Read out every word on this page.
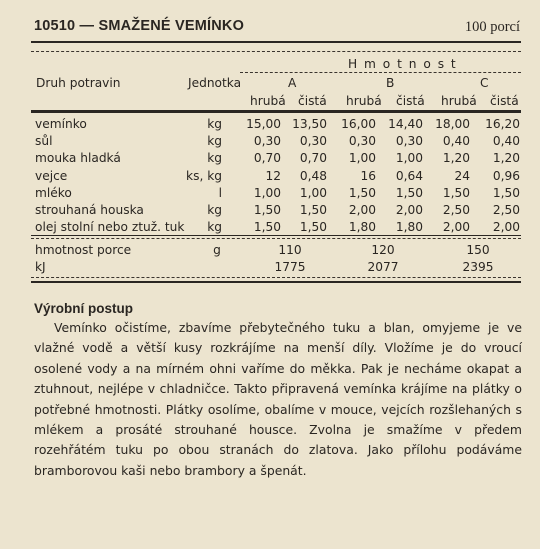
10510 — SMAŽENÉ VEMÍNKO	100 porcí
H m o t n o s t
Druh potravin	Jednotka	A	B	C
hrubá čistá hrubá čistá hrubá čistá
vemínko	kg 15,00 13,50 16,00 14,40 18,00 16,20
sůl	kg	0,30 0,30 0,30 0,30 0,40 0,40
mouka hladká	kg	0,70 0,70 1,00 1,00 1,20 1,20
vejce	ks, kg	12 0,48	16 0,64	24 0,96
mléko	l	1,00 1,00 1,50 1,50 1,50 1,50
strouhaná houska	kg	1,50 1,50 2,00 2,00 2,50 2,50
olej stolní nebo ztuž. tuk kg	1,50 1,50 1,80 1,80 2,00 2,00
hmotnost porce	g	110	120	150
kJ	1775	2077	2395
Výrobní postup

Vemínko očistíme, zbavíme přebytečného tuku a blan, omyjeme je ve vlažné vodě a větší kusy rozkrájíme na menší díly. Vložíme je do vroucí osolené vody a na mírném ohni vaříme do měkka. Pak je necháme okapat a ztuhnout, nejlépe v chladničce. Takto připravená vemínka krájíme na plátky o potřebné hmotnosti. Plátky osolíme, obalíme v mouce, vejcích rozšlehaných s mlékem a prosáté strouhané housce. Zvolna je smažíme v předem rozehřátém tuku po obou stranách do zlatova. Jako přílohu podáváme bramborovou kaši nebo brambory a špenát.
